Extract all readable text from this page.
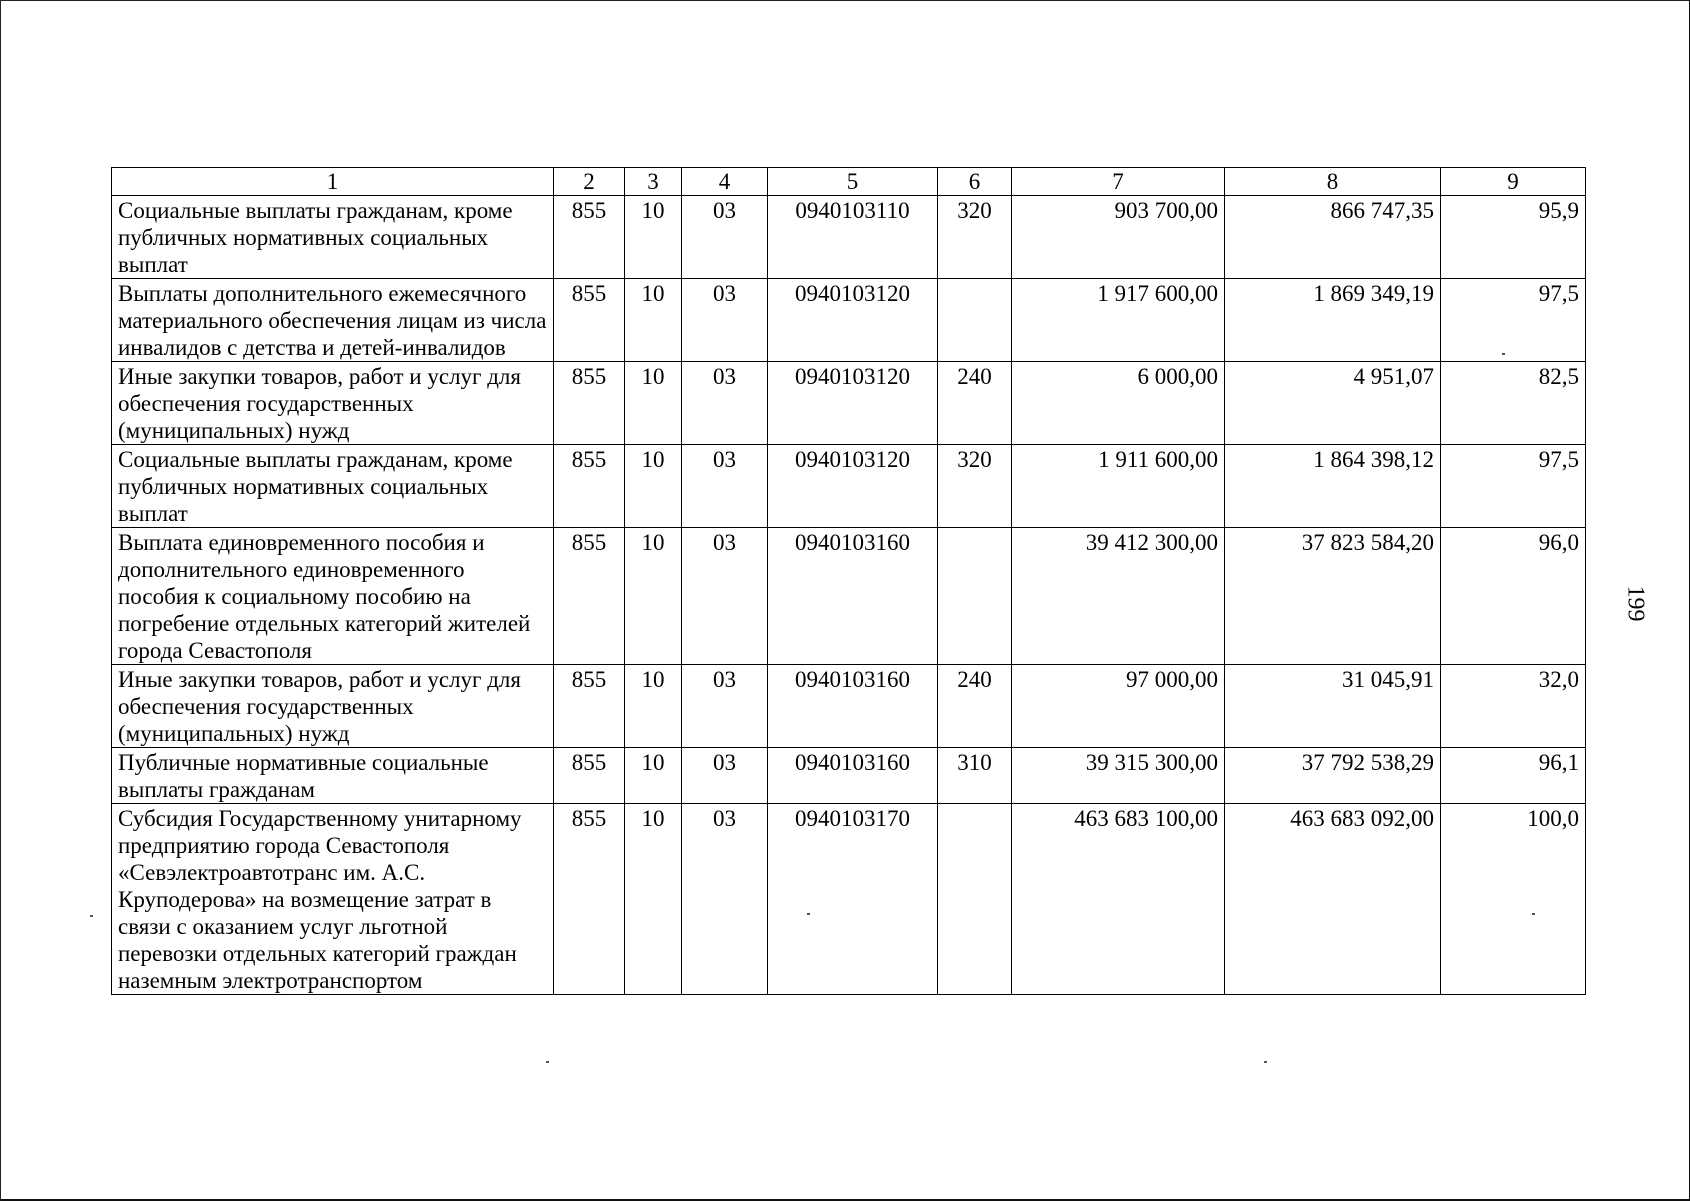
1	2	3	4	5	6	7	8	9
Социальные выплаты гражданам, кроме публичных нормативных социальных выплат	855	10	03	0940103110	320	903 700,00	866 747,35	95,9
Выплаты дополнительного ежемесячного материального обеспечения лицам из числа инвалидов с детства и детей-инвалидов	855	10	03	0940103120		1 917 600,00	1 869 349,19	97,5
Иные закупки товаров, работ и услуг для обеспечения государственных (муниципальных) нужд	855	10	03	0940103120	240	6 000,00	4 951,07	82,5
Социальные выплаты гражданам, кроме публичных нормативных социальных выплат	855	10	03	0940103120	320	1 911 600,00	1 864 398,12	97,5
Выплата единовременного пособия и дополнительного единовременного пособия к социальному пособию на погребение отдельных категорий жителей города Севастополя	855	10	03	0940103160		39 412 300,00	37 823 584,20	96,0
Иные закупки товаров, работ и услуг для обеспечения государственных (муниципальных) нужд	855	10	03	0940103160	240	97 000,00	31 045,91	32,0
Публичные нормативные социальные выплаты гражданам	855	10	03	0940103160	310	39 315 300,00	37 792 538,29	96,1
Субсидия Государственному унитарному предприятию города Севастополя «Севэлектроавтотранс им. А.С. Круподерова» на возмещение затрат в связи с оказанием услуг льготной перевозки отдельных категорий граждан наземным электротранспортом	855	10	03	0940103170		463 683 100,00	463 683 092,00	100,0
199
